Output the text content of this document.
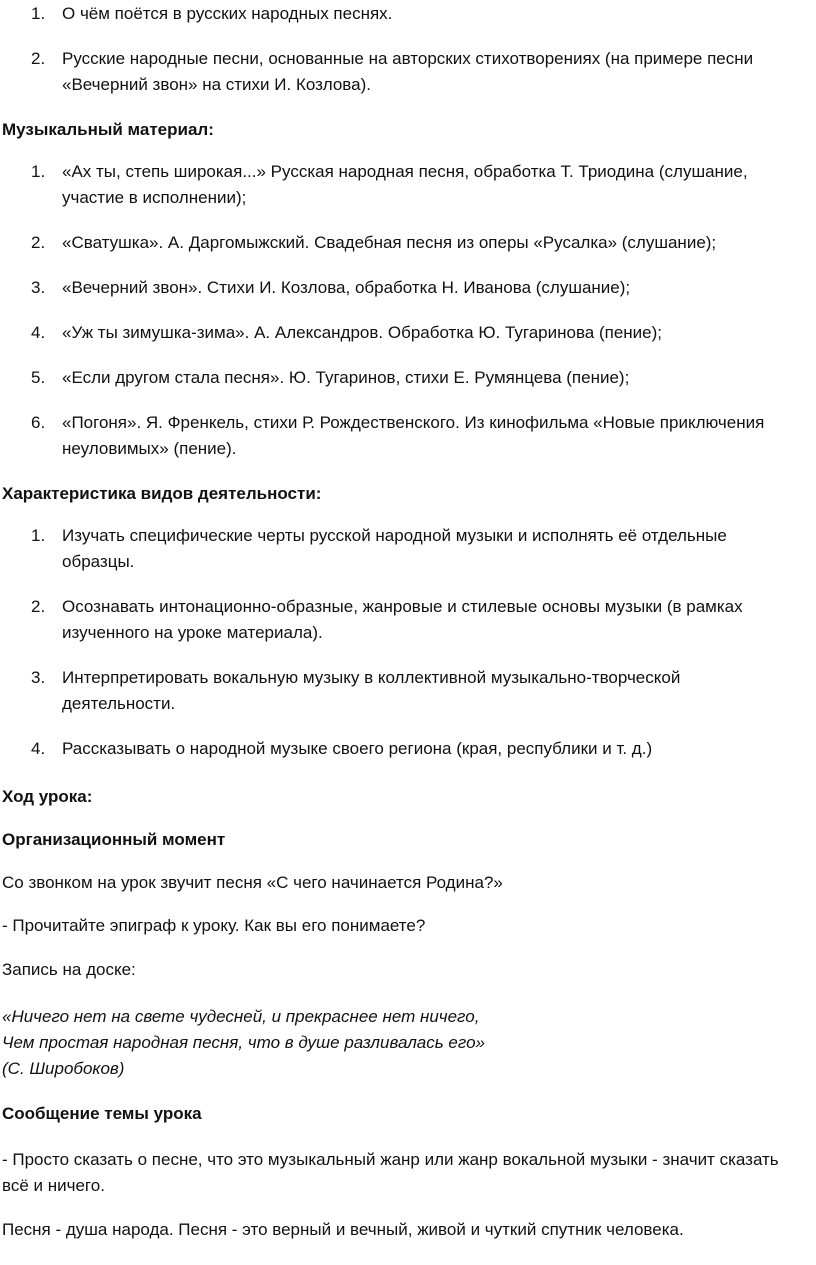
1. О чём поётся в русских народных песнях.
2. Русские народные песни, основанные на авторских стихотворениях (на примере песни «Вечерний звон» на стихи И. Козлова).
Музыкальный материал:
1. «Ах ты, степь широкая...» Русская народная песня, обработка Т. Триодина (слушание, участие в исполнении);
2. «Сватушка». А. Даргомыжский. Свадебная песня из оперы «Русалка» (слушание);
3. «Вечерний звон». Стихи И. Козлова, обработка Н. Иванова (слушание);
4. «Уж ты зимушка-зима». А. Александров. Обработка Ю. Тугаринова (пение);
5. «Если другом стала песня». Ю. Тугаринов, стихи Е. Румянцева (пение);
6. «Погоня». Я. Френкель, стихи Р. Рождественского. Из кинофильма «Новые приключения неуловимых» (пение).
Характеристика видов деятельности:
1. Изучать специфические черты русской народной музыки и исполнять её отдельные образцы.
2. Осознавать интонационно-образные, жанровые и стилевые основы музыки (в рамках изученного на уроке материала).
3. Интерпретировать вокальную музыку в коллективной музыкально-творческой деятельности.
4. Рассказывать о народной музыке своего региона (края, республики и т. д.)
Ход урока:
Организационный момент
Со звонком на урок звучит песня «С чего начинается Родина?»
- Прочитайте эпиграф к уроку. Как вы его понимаете?
Запись на доске:
«Ничего нет на свете чудесней, и прекраснее нет ничего,
Чем простая народная песня, что в душе разливалась его»
(С. Широбоков)
Сообщение темы урока
- Просто сказать о песне, что это музыкальный жанр или жанр вокальной музыки - значит сказать всё и ничего.
Песня - душа народа. Песня - это верный и вечный, живой и чуткий спутник человека.
